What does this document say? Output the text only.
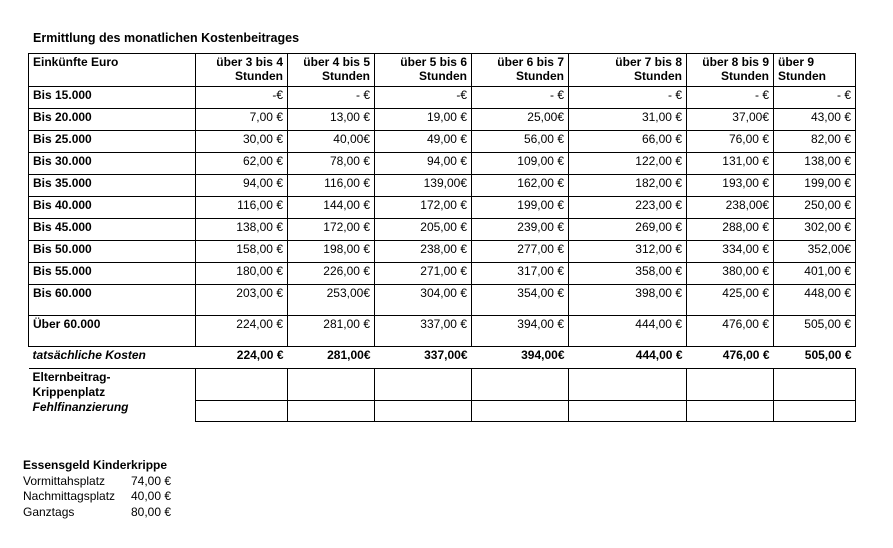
Ermittlung des monatlichen Kostenbeitrages
Einkünfte Euro	über 3 bis 4 Stunden	über 4 bis 5 Stunden	über 5 bis 6 Stunden	über 6 bis 7 Stunden	über 7 bis 8 Stunden	über 8 bis 9 Stunden	über 9 Stunden
Bis 15.000	-€	- €	-€	- €	- €	- €	- €
Bis 20.000	7,00 €	13,00 €	19,00 €	25,00€	31,00 €	37,00€	43,00 €
Bis 25.000	30,00 €	40,00€	49,00 €	56,00 €	66,00 €	76,00 €	82,00 €
Bis 30.000	62,00 €	78,00 €	94,00 €	109,00 €	122,00 €	131,00 €	138,00 €
Bis 35.000	94,00 €	116,00 €	139,00€	162,00 €	182,00 €	193,00 €	199,00 €
Bis 40.000	116,00 €	144,00 €	172,00 €	199,00 €	223,00 €	238,00€	250,00 €
Bis 45.000	138,00 €	172,00 €	205,00 €	239,00 €	269,00 €	288,00 €	302,00 €
Bis 50.000	158,00 €	198,00 €	238,00 €	277,00 €	312,00 €	334,00 €	352,00€
Bis 55.000	180,00 €	226,00 €	271,00 €	317,00 €	358,00 €	380,00 €	401,00 €
Bis 60.000	203,00 €	253,00€	304,00 €	354,00 €	398,00 €	425,00 €	448,00 €
Über 60.000	224,00 €	281,00 €	337,00 €	394,00 €	444,00 €	476,00 €	505,00 €
tatsächliche Kosten	224,00 €	281,00€	337,00€	394,00€	444,00 €	476,00 €	505,00 €

Elternbeitrag-
Krippenplatz
Fehlfinanzierung							

Essensgeld Kinderkrippe
Vormittahsplatz	74,00 €
Nachmittagsplatz	40,00 €
Ganztags	80,00 €
